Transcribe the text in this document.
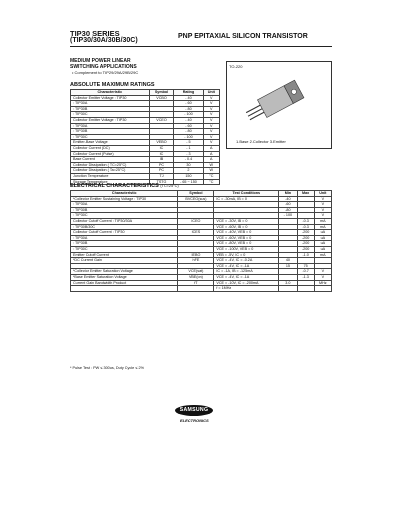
TIP30 SERIES
(TIP30/30A/30B/30C)
PNP EPITAXIAL SILICON TRANSISTOR
MEDIUM POWER LINEAR
SWITCHING APPLICATIONS
• Complement to TIP29/29A/29B/29C
TO-220
1.Base 2.Collector 3.Emitter
ABSOLUTE MAXIMUM RATINGS
Characteristic	Symbol	Rating	Unit
Collector Emitter Voltage : TIP30	VCBO	- 40	V
: TIP30A		- 60	V
: TIP30B		- 80	V
: TIP30C		- 100	V
Collector Emitter Voltage : TIP30	VCEO	- 40	V
: TIP30A		- 60	V
: TIP30B		- 80	V
: TIP30C		- 100	V
Emitter-Base Voltage	VEBO	- 5	V
Collector Current (DC)	IC	- 1	A
Collector Current (Pulse)	IC	- 3	A
Base Current	IB	- 0.4	A
Collector Dissipation ( TC=25°C)	PC	30	W
Collector Dissipation ( Ta=25°C)	PC	2	W
Junction Temperature	TJ	150	°C
Storage Temperature	TSTG	- 65 ~ 150	°C
ELECTRICAL CHARACTERISTICS (TC=25°C)
Characteristic	Symbol	Test Conditions	Min	Max	Unit
*Collector Emitter Sustaining Voltage : TIP30	BVCEO(sus)	IC = -30mA, IB = 0	-40		V
: TIP30A			-60		V
: TIP30B			-80		V
: TIP30C			- 100		V
Collector Cutoff Current : TIP30/30A	ICEO	VCE = -30V, IB = 0		-0.3	mA
: TIP30B/30C		VCE = -60V, IB = 0		-0.3	mA
Collector Cutoff Current : TIP30	ICES	VCE = -40V, VEB = 0		-200	uA
: TIP30A		VCE = -60V, VEB = 0		-200	uA
: TIP30B		VCE = -80V, VEB = 0		-200	uA
: TIP30C		VCE = -100V, VEB = 0		-200	uA
Emitter Cutoff Current	IEBO	VEB = -5V, IC = 0		-1.0	mA
*DC Current Gain	hFE	VCE = -4V, IC = -0.2A	40		
		VCE = -4V, IC = -1A	15	75	
*Collector Emitter Saturation Voltage	VCE(sat)	IC = -1A, IB = -125mA		-0.7	V
*Base Emitter Saturation Voltage	VBE(on)	VCE = -4V, IC = -1A		-1.3	V
Current Gain Bandwidth Product	fT	VCE = -10V, IC = -200mA	3.0		MHz
		f = 1MHz			
* Pulse Test : PW ≤ 300us, Duty Cycle ≤ 2%
SAMSUNG
ELECTRONICS
